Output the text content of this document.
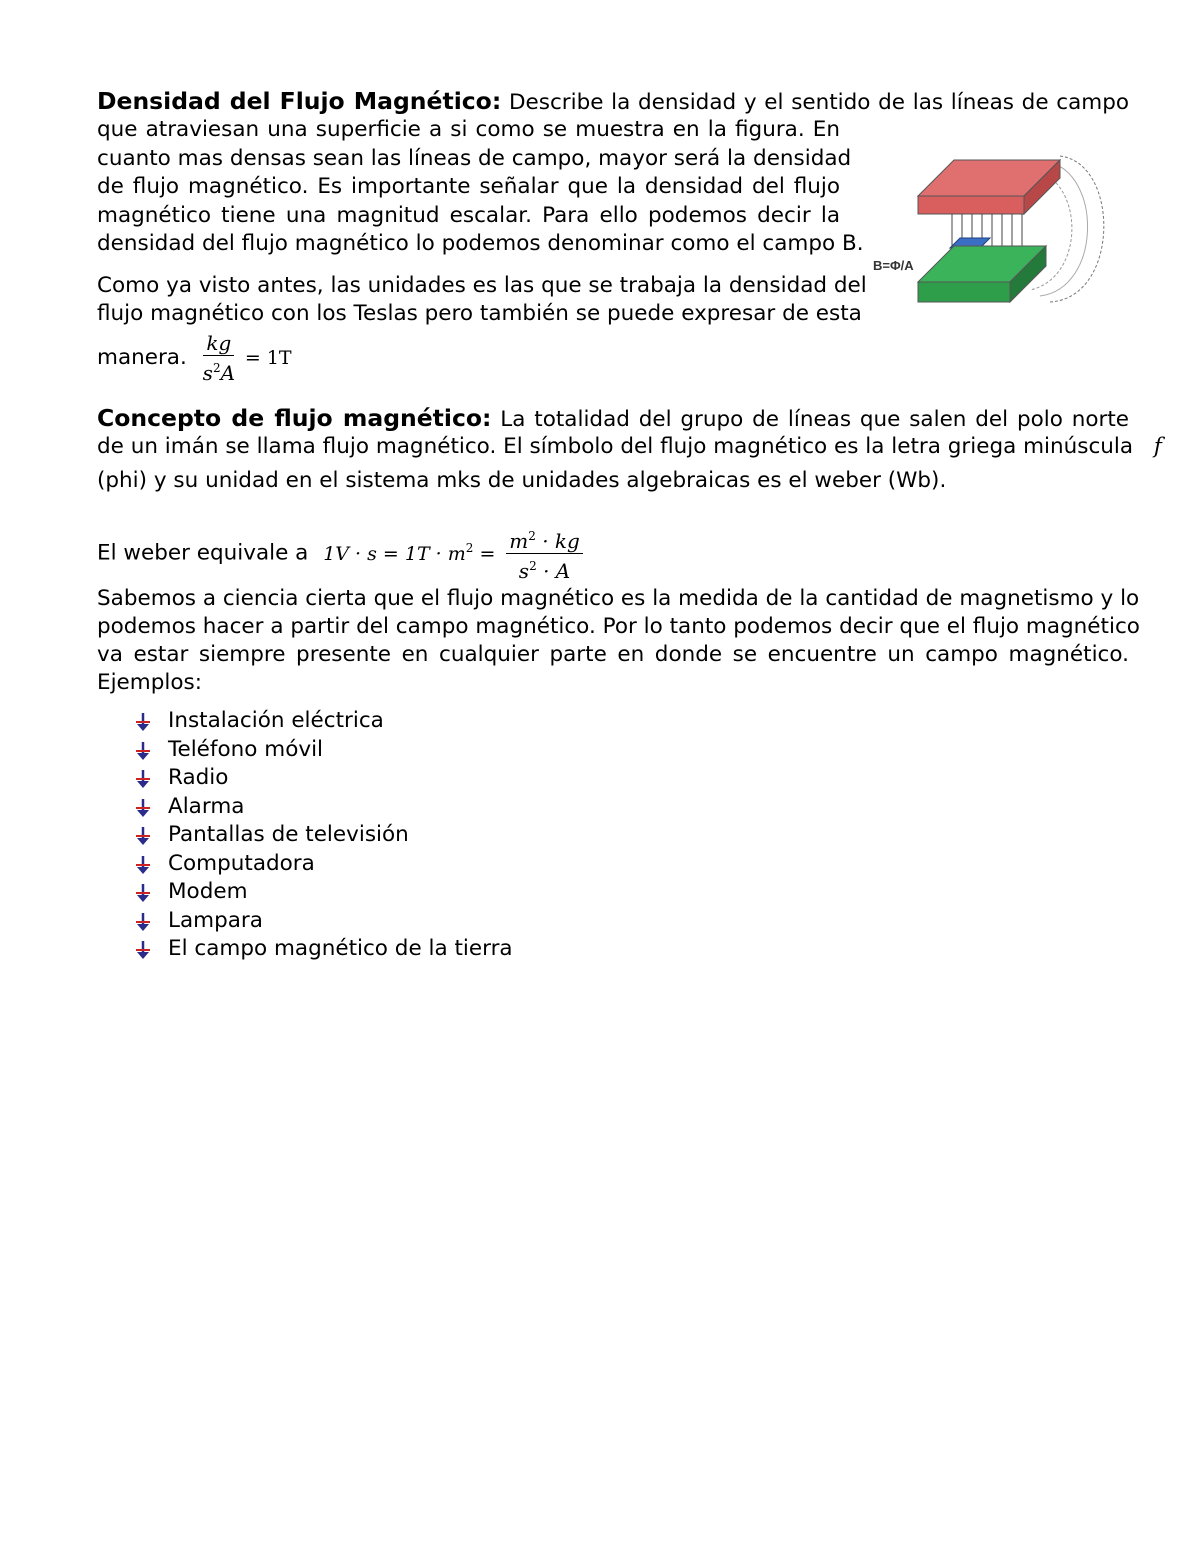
Densidad del Flujo Magnético: Describe la densidad y el sentido de las líneas de campo
que atraviesan una superficie a si como se muestra en la figura. En
cuanto mas densas sean las líneas de campo, mayor será la densidad
de flujo magnético. Es importante señalar que la densidad del flujo
magnético tiene una magnitud escalar. Para ello podemos decir la
densidad del flujo magnético lo podemos denominar como el campo B.
Como ya visto antes, las unidades es las que se trabaja la densidad del
flujo magnético con los Teslas pero también se puede expresar de esta
manera. $\frac{kg}{s^2A} = 1T$
B=Φ/A
Concepto de flujo magnético: La totalidad del grupo de líneas que salen del polo norte
de un imán se llama flujo magnético. El símbolo del flujo magnético es la letra griega minúscula f
(phi) y su unidad en el sistema mks de unidades algebraicas es el weber (Wb).
El weber equivale a $1V \cdot s = 1T \cdot m^2 = \frac{m^2 \cdot kg}{s^2 \cdot A}$
Sabemos a ciencia cierta que el flujo magnético es la medida de la cantidad de magnetismo y lo
podemos hacer a partir del campo magnético. Por lo tanto podemos decir que el flujo magnético
va estar siempre presente en cualquier parte en donde se encuentre un campo magnético.
Ejemplos:
Instalación eléctrica
Teléfono móvil
Radio
Alarma
Pantallas de televisión
Computadora
Modem
Lampara
El campo magnético de la tierra
